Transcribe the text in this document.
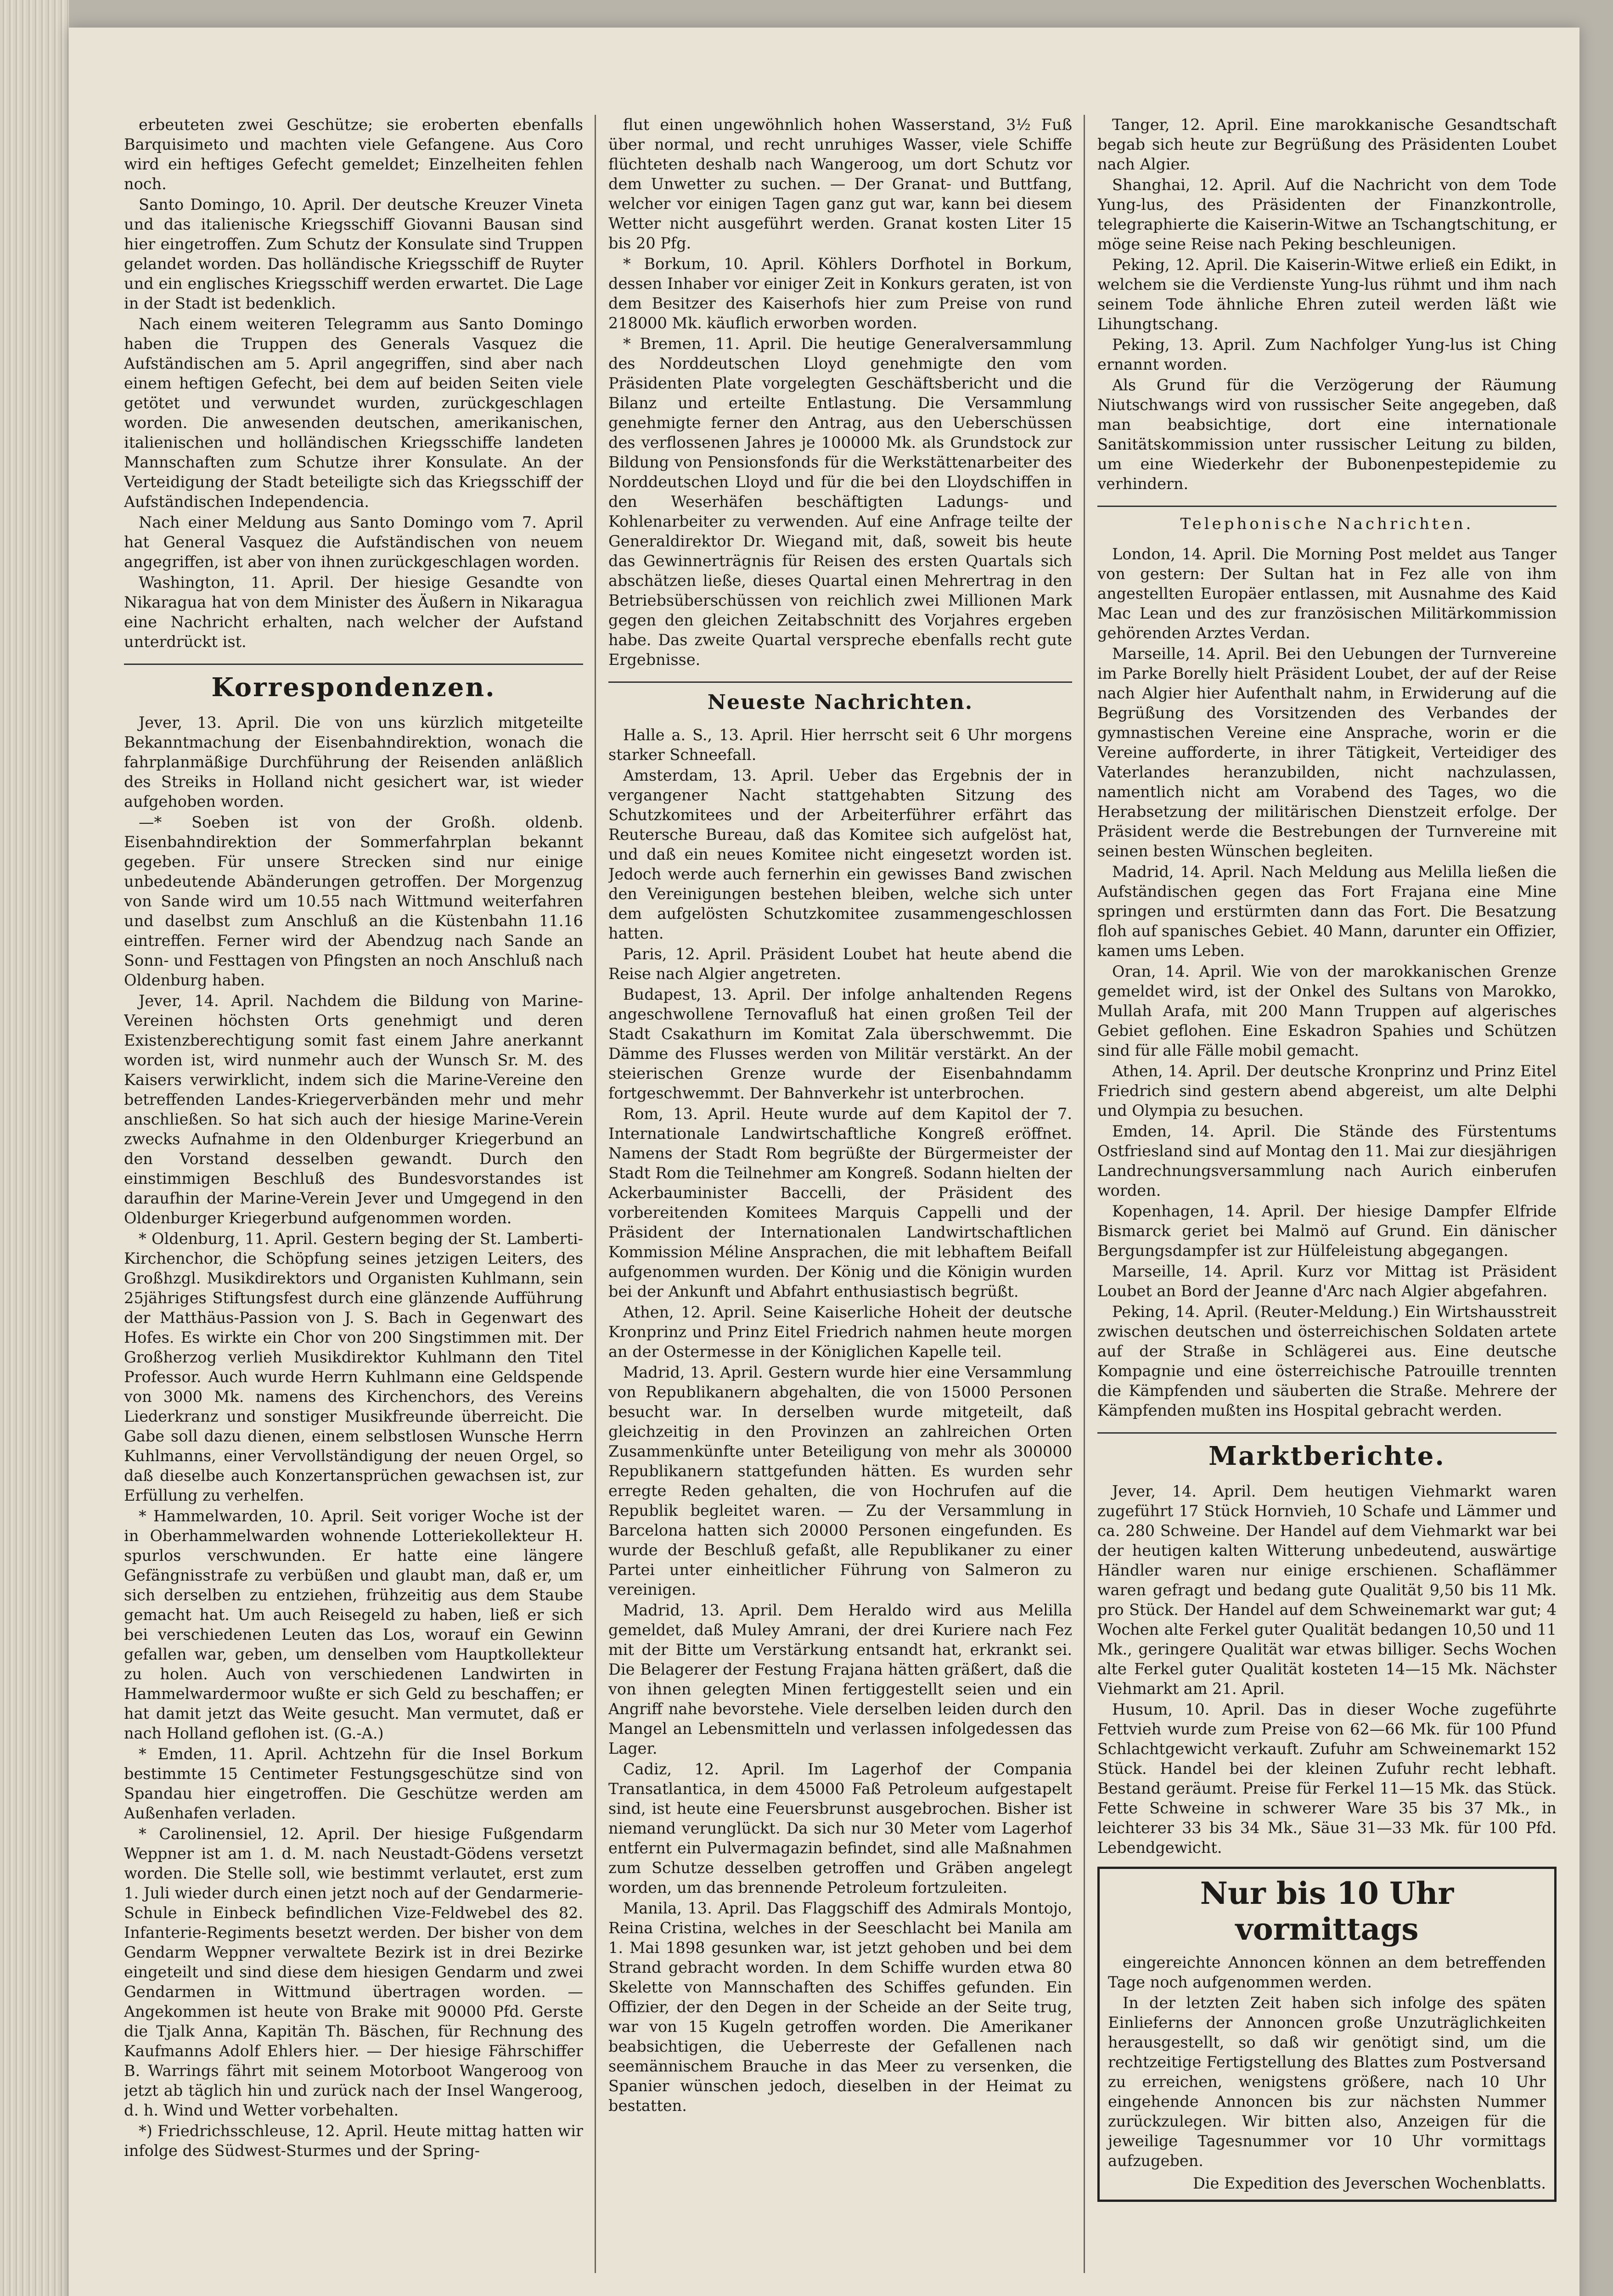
erbeuteten zwei Geschütze; sie eroberten ebenfalls Barquisimeto und machten viele Gefangene. Aus Coro wird ein heftiges Gefecht gemeldet; Einzelheiten fehlen noch.

Santo Domingo, 10. April. Der deutsche Kreuzer Vineta und das italienische Kriegsschiff Giovanni Bausan sind hier eingetroffen. Zum Schutz der Konsulate sind Truppen gelandet worden. Das holländische Kriegsschiff de Ruyter und ein englisches Kriegsschiff werden erwartet. Die Lage in der Stadt ist bedenklich.

Nach einem weiteren Telegramm aus Santo Domingo haben die Truppen des Generals Vasquez die Aufständischen am 5. April angegriffen, sind aber nach einem heftigen Gefecht, bei dem auf beiden Seiten viele getötet und verwundet wurden, zurückgeschlagen worden. Die anwesenden deutschen, amerikanischen, italienischen und holländischen Kriegsschiffe landeten Mannschaften zum Schutze ihrer Konsulate. An der Verteidigung der Stadt beteiligte sich das Kriegsschiff der Aufständischen Independencia.

Nach einer Meldung aus Santo Domingo vom 7. April hat General Vasquez die Aufständischen von neuem angegriffen, ist aber von ihnen zurückgeschlagen worden.

Washington, 11. April. Der hiesige Gesandte von Nikaragua hat von dem Minister des Äußern in Nikaragua eine Nachricht erhalten, nach welcher der Aufstand unterdrückt ist.

Korrespondenzen.

Jever, 13. April. Die von uns kürzlich mitgeteilte Bekanntmachung der Eisenbahndirektion, wonach die fahrplanmäßige Durchführung der Reisenden anläßlich des Streiks in Holland nicht gesichert war, ist wieder aufgehoben worden.

—* Soeben ist von der Großh. oldenb. Eisenbahndirektion der Sommerfahrplan bekannt gegeben. Für unsere Strecken sind nur einige unbedeutende Abänderungen getroffen. Der Morgenzug von Sande wird um 10.55 nach Wittmund weiterfahren und daselbst zum Anschluß an die Küstenbahn 11.16 eintreffen. Ferner wird der Abendzug nach Sande an Sonn- und Festtagen von Pfingsten an noch Anschluß nach Oldenburg haben.

Jever, 14. April. Nachdem die Bildung von Marine-Vereinen höchsten Orts genehmigt und deren Existenzberechtigung somit fast einem Jahre anerkannt worden ist, wird nunmehr auch der Wunsch Sr. M. des Kaisers verwirklicht, indem sich die Marine-Vereine den betreffenden Landes-Kriegerverbänden mehr und mehr anschließen. So hat sich auch der hiesige Marine-Verein zwecks Aufnahme in den Oldenburger Kriegerbund an den Vorstand desselben gewandt. Durch den einstimmigen Beschluß des Bundesvorstandes ist daraufhin der Marine-Verein Jever und Umgegend in den Oldenburger Kriegerbund aufgenommen worden.

* Oldenburg, 11. April. Gestern beging der St. Lamberti-Kirchenchor, die Schöpfung seines jetzigen Leiters, des Großhzgl. Musikdirektors und Organisten Kuhlmann, sein 25jähriges Stiftungsfest durch eine glänzende Aufführung der Matthäus-Passion von J. S. Bach in Gegenwart des Hofes. Es wirkte ein Chor von 200 Singstimmen mit. Der Großherzog verlieh Musikdirektor Kuhlmann den Titel Professor. Auch wurde Herrn Kuhlmann eine Geldspende von 3000 Mk. namens des Kirchenchors, des Vereins Liederkranz und sonstiger Musikfreunde überreicht. Die Gabe soll dazu dienen, einem selbstlosen Wunsche Herrn Kuhlmanns, einer Vervollständigung der neuen Orgel, so daß dieselbe auch Konzertansprüchen gewachsen ist, zur Erfüllung zu verhelfen.

* Hammelwarden, 10. April. Seit voriger Woche ist der in Oberhammelwarden wohnende Lotteriekollekteur H. spurlos verschwunden. Er hatte eine längere Gefängnisstrafe zu verbüßen und glaubt man, daß er, um sich derselben zu entziehen, frühzeitig aus dem Staube gemacht hat. Um auch Reisegeld zu haben, ließ er sich bei verschiedenen Leuten das Los, worauf ein Gewinn gefallen war, geben, um denselben vom Hauptkollekteur zu holen. Auch von verschiedenen Landwirten in Hammelwardermoor wußte er sich Geld zu beschaffen; er hat damit jetzt das Weite gesucht. Man vermutet, daß er nach Holland geflohen ist. (G.-A.)

* Emden, 11. April. Achtzehn für die Insel Borkum bestimmte 15 Centimeter Festungsgeschütze sind von Spandau hier eingetroffen. Die Geschütze werden am Außenhafen verladen.

* Carolinensiel, 12. April. Der hiesige Fußgendarm Weppner ist am 1. d. M. nach Neustadt-Gödens versetzt worden. Die Stelle soll, wie bestimmt verlautet, erst zum 1. Juli wieder durch einen jetzt noch auf der Gendarmerie-Schule in Einbeck befindlichen Vize-Feldwebel des 82. Infanterie-Regiments besetzt werden. Der bisher von dem Gendarm Weppner verwaltete Bezirk ist in drei Bezirke eingeteilt und sind diese dem hiesigen Gendarm und zwei Gendarmen in Wittmund übertragen worden. — Angekommen ist heute von Brake mit 90000 Pfd. Gerste die Tjalk Anna, Kapitän Th. Bäschen, für Rechnung des Kaufmanns Adolf Ehlers hier. — Der hiesige Fährschiffer B. Warrings fährt mit seinem Motorboot Wangeroog von jetzt ab täglich hin und zurück nach der Insel Wangeroog, d. h. Wind und Wetter vorbehalten.

*) Friedrichsschleuse, 12. April. Heute mittag hatten wir infolge des Südwest-Sturmes und der Spring-

flut einen ungewöhnlich hohen Wasserstand, 3½ Fuß über normal, und recht unruhiges Wasser, viele Schiffe flüchteten deshalb nach Wangeroog, um dort Schutz vor dem Unwetter zu suchen. — Der Granat- und Buttfang, welcher vor einigen Tagen ganz gut war, kann bei diesem Wetter nicht ausgeführt werden. Granat kosten Liter 15 bis 20 Pfg.

* Borkum, 10. April. Köhlers Dorfhotel in Borkum, dessen Inhaber vor einiger Zeit in Konkurs geraten, ist von dem Besitzer des Kaiserhofs hier zum Preise von rund 218000 Mk. käuflich erworben worden.

* Bremen, 11. April. Die heutige Generalversammlung des Norddeutschen Lloyd genehmigte den vom Präsidenten Plate vorgelegten Geschäftsbericht und die Bilanz und erteilte Entlastung. Die Versammlung genehmigte ferner den Antrag, aus den Ueberschüssen des verflossenen Jahres je 100000 Mk. als Grundstock zur Bildung von Pensionsfonds für die Werkstättenarbeiter des Norddeutschen Lloyd und für die bei den Lloydschiffen in den Weserhäfen beschäftigten Ladungs- und Kohlenarbeiter zu verwenden. Auf eine Anfrage teilte der Generaldirektor Dr. Wiegand mit, daß, soweit bis heute das Gewinnerträgnis für Reisen des ersten Quartals sich abschätzen ließe, dieses Quartal einen Mehrertrag in den Betriebsüberschüssen von reichlich zwei Millionen Mark gegen den gleichen Zeitabschnitt des Vorjahres ergeben habe. Das zweite Quartal verspreche ebenfalls recht gute Ergebnisse.

Neueste Nachrichten.

Halle a. S., 13. April. Hier herrscht seit 6 Uhr morgens starker Schneefall.

Amsterdam, 13. April. Ueber das Ergebnis der in vergangener Nacht stattgehabten Sitzung des Schutzkomitees und der Arbeiterführer erfährt das Reutersche Bureau, daß das Komitee sich aufgelöst hat, und daß ein neues Komitee nicht eingesetzt worden ist. Jedoch werde auch fernerhin ein gewisses Band zwischen den Vereinigungen bestehen bleiben, welche sich unter dem aufgelösten Schutzkomitee zusammengeschlossen hatten.

Paris, 12. April. Präsident Loubet hat heute abend die Reise nach Algier angetreten.

Budapest, 13. April. Der infolge anhaltenden Regens angeschwollene Ternovafluß hat einen großen Teil der Stadt Csakathurn im Komitat Zala überschwemmt. Die Dämme des Flusses werden von Militär verstärkt. An der steierischen Grenze wurde der Eisenbahndamm fortgeschwemmt. Der Bahnverkehr ist unterbrochen.

Rom, 13. April. Heute wurde auf dem Kapitol der 7. Internationale Landwirtschaftliche Kongreß eröffnet. Namens der Stadt Rom begrüßte der Bürgermeister der Stadt Rom die Teilnehmer am Kongreß. Sodann hielten der Ackerbauminister Baccelli, der Präsident des vorbereitenden Komitees Marquis Cappelli und der Präsident der Internationalen Landwirtschaftlichen Kommission Méline Ansprachen, die mit lebhaftem Beifall aufgenommen wurden. Der König und die Königin wurden bei der Ankunft und Abfahrt enthusiastisch begrüßt.

Athen, 12. April. Seine Kaiserliche Hoheit der deutsche Kronprinz und Prinz Eitel Friedrich nahmen heute morgen an der Ostermesse in der Königlichen Kapelle teil.

Madrid, 13. April. Gestern wurde hier eine Versammlung von Republikanern abgehalten, die von 15000 Personen besucht war. In derselben wurde mitgeteilt, daß gleichzeitig in den Provinzen an zahlreichen Orten Zusammenkünfte unter Beteiligung von mehr als 300000 Republikanern stattgefunden hätten. Es wurden sehr erregte Reden gehalten, die von Hochrufen auf die Republik begleitet waren. — Zu der Versammlung in Barcelona hatten sich 20000 Personen eingefunden. Es wurde der Beschluß gefaßt, alle Republikaner zu einer Partei unter einheitlicher Führung von Salmeron zu vereinigen.

Madrid, 13. April. Dem Heraldo wird aus Melilla gemeldet, daß Muley Amrani, der drei Kuriere nach Fez mit der Bitte um Verstärkung entsandt hat, erkrankt sei. Die Belagerer der Festung Frajana hätten gräßert, daß die von ihnen gelegten Minen fertiggestellt seien und ein Angriff nahe bevorstehe. Viele derselben leiden durch den Mangel an Lebensmitteln und verlassen infolgedessen das Lager.

Cadiz, 12. April. Im Lagerhof der Compania Transatlantica, in dem 45000 Faß Petroleum aufgestapelt sind, ist heute eine Feuersbrunst ausgebrochen. Bisher ist niemand verunglückt. Da sich nur 30 Meter vom Lagerhof entfernt ein Pulvermagazin befindet, sind alle Maßnahmen zum Schutze desselben getroffen und Gräben angelegt worden, um das brennende Petroleum fortzuleiten.

Manila, 13. April. Das Flaggschiff des Admirals Montojo, Reina Cristina, welches in der Seeschlacht bei Manila am 1. Mai 1898 gesunken war, ist jetzt gehoben und bei dem Strand gebracht worden. In dem Schiffe wurden etwa 80 Skelette von Mannschaften des Schiffes gefunden. Ein Offizier, der den Degen in der Scheide an der Seite trug, war von 15 Kugeln getroffen worden. Die Amerikaner beabsichtigen, die Ueberreste der Gefallenen nach seemännischem Brauche in das Meer zu versenken, die Spanier wünschen jedoch, dieselben in der Heimat zu bestatten.

Tanger, 12. April. Eine marokkanische Gesandtschaft begab sich heute zur Begrüßung des Präsidenten Loubet nach Algier.

Shanghai, 12. April. Auf die Nachricht von dem Tode Yung-lus, des Präsidenten der Finanzkontrolle, telegraphierte die Kaiserin-Witwe an Tschangtschitung, er möge seine Reise nach Peking beschleunigen.

Peking, 12. April. Die Kaiserin-Witwe erließ ein Edikt, in welchem sie die Verdienste Yung-lus rühmt und ihm nach seinem Tode ähnliche Ehren zuteil werden läßt wie Lihungtschang.

Peking, 13. April. Zum Nachfolger Yung-lus ist Ching ernannt worden.

Als Grund für die Verzögerung der Räumung Niutschwangs wird von russischer Seite angegeben, daß man beabsichtige, dort eine internationale Sanitätskommission unter russischer Leitung zu bilden, um eine Wiederkehr der Bubonenpestepidemie zu verhindern.

Telephonische Nachrichten.

London, 14. April. Die Morning Post meldet aus Tanger von gestern: Der Sultan hat in Fez alle von ihm angestellten Europäer entlassen, mit Ausnahme des Kaid Mac Lean und des zur französischen Militärkommission gehörenden Arztes Verdan.

Marseille, 14. April. Bei den Uebungen der Turnvereine im Parke Borelly hielt Präsident Loubet, der auf der Reise nach Algier hier Aufenthalt nahm, in Erwiderung auf die Begrüßung des Vorsitzenden des Verbandes der gymnastischen Vereine eine Ansprache, worin er die Vereine aufforderte, in ihrer Tätigkeit, Verteidiger des Vaterlandes heranzubilden, nicht nachzulassen, namentlich nicht am Vorabend des Tages, wo die Herabsetzung der militärischen Dienstzeit erfolge. Der Präsident werde die Bestrebungen der Turnvereine mit seinen besten Wünschen begleiten.

Madrid, 14. April. Nach Meldung aus Melilla ließen die Aufständischen gegen das Fort Frajana eine Mine springen und erstürmten dann das Fort. Die Besatzung floh auf spanisches Gebiet. 40 Mann, darunter ein Offizier, kamen ums Leben.

Oran, 14. April. Wie von der marokkanischen Grenze gemeldet wird, ist der Onkel des Sultans von Marokko, Mullah Arafa, mit 200 Mann Truppen auf algerisches Gebiet geflohen. Eine Eskadron Spahies und Schützen sind für alle Fälle mobil gemacht.

Athen, 14. April. Der deutsche Kronprinz und Prinz Eitel Friedrich sind gestern abend abgereist, um alte Delphi und Olympia zu besuchen.

Emden, 14. April. Die Stände des Fürstentums Ostfriesland sind auf Montag den 11. Mai zur diesjährigen Landrechnungsversammlung nach Aurich einberufen worden.

Kopenhagen, 14. April. Der hiesige Dampfer Elfride Bismarck geriet bei Malmö auf Grund. Ein dänischer Bergungsdampfer ist zur Hülfeleistung abgegangen.

Marseille, 14. April. Kurz vor Mittag ist Präsident Loubet an Bord der Jeanne d'Arc nach Algier abgefahren.

Peking, 14. April. (Reuter-Meldung.) Ein Wirtshausstreit zwischen deutschen und österreichischen Soldaten artete auf der Straße in Schlägerei aus. Eine deutsche Kompagnie und eine österreichische Patrouille trennten die Kämpfenden und säuberten die Straße. Mehrere der Kämpfenden mußten ins Hospital gebracht werden.

Marktberichte.

Jever, 14. April. Dem heutigen Viehmarkt waren zugeführt 17 Stück Hornvieh, 10 Schafe und Lämmer und ca. 280 Schweine. Der Handel auf dem Viehmarkt war bei der heutigen kalten Witterung unbedeutend, auswärtige Händler waren nur einige erschienen. Schaflämmer waren gefragt und bedang gute Qualität 9,50 bis 11 Mk. pro Stück. Der Handel auf dem Schweinemarkt war gut; 4 Wochen alte Ferkel guter Qualität bedangen 10,50 und 11 Mk., geringere Qualität war etwas billiger. Sechs Wochen alte Ferkel guter Qualität kosteten 14—15 Mk. Nächster Viehmarkt am 21. April.

Husum, 10. April. Das in dieser Woche zugeführte Fettvieh wurde zum Preise von 62—66 Mk. für 100 Pfund Schlachtgewicht verkauft. Zufuhr am Schweinemarkt 152 Stück. Handel bei der kleinen Zufuhr recht lebhaft. Bestand geräumt. Preise für Ferkel 11—15 Mk. das Stück. Fette Schweine in schwerer Ware 35 bis 37 Mk., in leichterer 33 bis 34 Mk., Säue 31—33 Mk. für 100 Pfd. Lebendgewicht.

Nur bis 10 Uhr vormittags

eingereichte Annoncen können an dem betreffenden Tage noch aufgenommen werden.

In der letzten Zeit haben sich infolge des späten Einlieferns der Annoncen große Unzuträglichkeiten herausgestellt, so daß wir genötigt sind, um die rechtzeitige Fertigstellung des Blattes zum Postversand zu erreichen, wenigstens größere, nach 10 Uhr eingehende Annoncen bis zur nächsten Nummer zurückzulegen. Wir bitten also, Anzeigen für die jeweilige Tagesnummer vor 10 Uhr vormittags aufzugeben.

Die Expedition des Jeverschen Wochenblatts.
